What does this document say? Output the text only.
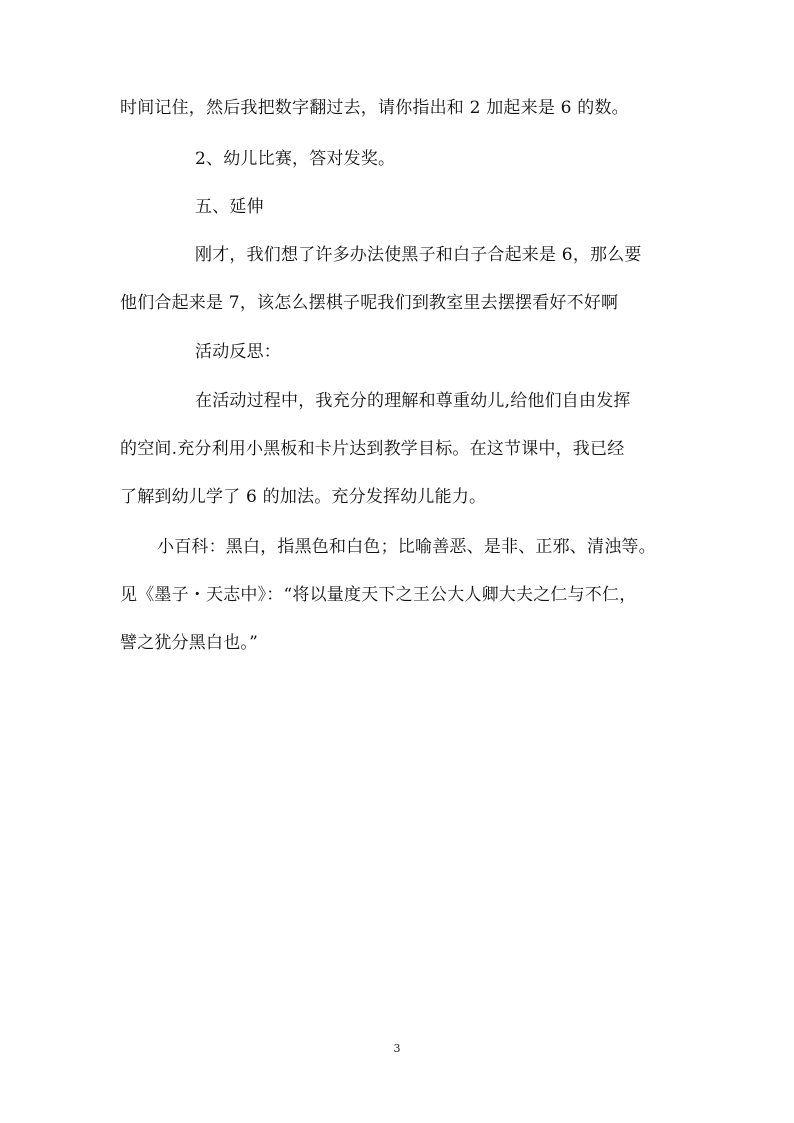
时间记住，然后我把数字翻过去，请你指出和 2 加起来是 6 的数。

2、幼儿比赛，答对发奖。

五、延伸

刚才，我们想了许多办法使黑子和白子合起来是 6，那么要

他们合起来是 7，该怎么摆棋子呢我们到教室里去摆摆看好不好啊

活动反思：

在活动过程中，我充分的理解和尊重幼儿,给他们自由发挥

的空间.充分利用小黑板和卡片达到教学目标。在这节课中，我已经

了解到幼儿学了 6 的加法。充分发挥幼儿能力。

小百科：黑白，指黑色和白色；比喻善恶、是非、正邪、清浊等。

见《墨子・天志中》：“将以量度天下之王公大人卿大夫之仁与不仁，

譬之犹分黑白也。”

3
